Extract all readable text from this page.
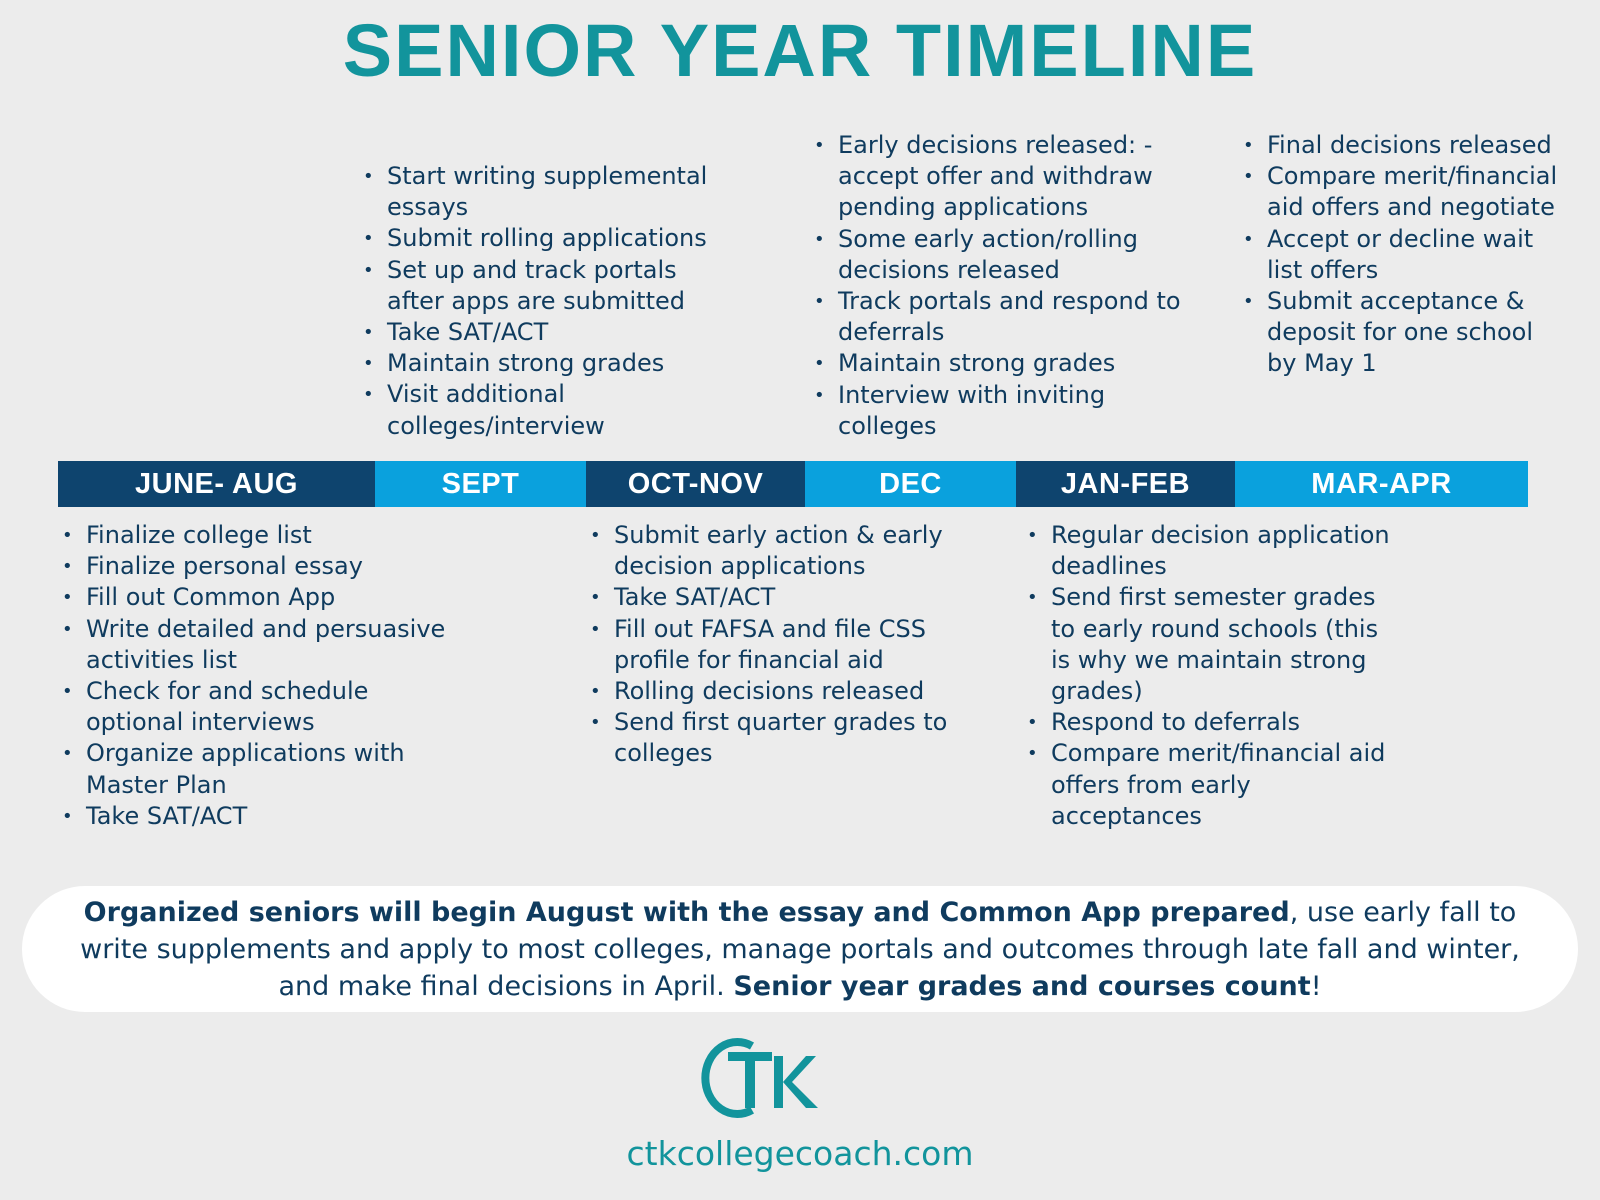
SENIOR YEAR TIMELINE
• Start writing supplemental essays
• Submit rolling applications
• Set up and track portals after apps are submitted
• Take SAT/ACT
• Maintain strong grades
• Visit additional colleges/interview
• Early decisions released: - accept offer and withdraw pending applications
• Some early action/rolling decisions released
• Track portals and respond to deferrals
• Maintain strong grades
• Interview with inviting colleges
• Final decisions released
• Compare merit/financial aid offers and negotiate
• Accept or decline wait list offers
• Submit acceptance & deposit for one school by May 1
JUNE- AUG	SEPT	OCT-NOV	DEC	JAN-FEB	MAR-APR
• Finalize college list
• Finalize personal essay
• Fill out Common App
• Write detailed and persuasive activities list
• Check for and schedule optional interviews
• Organize applications with Master Plan
• Take SAT/ACT
• Submit early action & early decision applications
• Take SAT/ACT
• Fill out FAFSA and file CSS profile for financial aid
• Rolling decisions released
• Send first quarter grades to colleges
• Regular decision application deadlines
• Send first semester grades to early round schools (this is why we maintain strong grades)
• Respond to deferrals
• Compare merit/financial aid offers from early acceptances
Organized seniors will begin August with the essay and Common App prepared, use early fall to write supplements and apply to most colleges, manage portals and outcomes through late fall and winter, and make final decisions in April. Senior year grades and courses count!
ctkcollegecoach.com
